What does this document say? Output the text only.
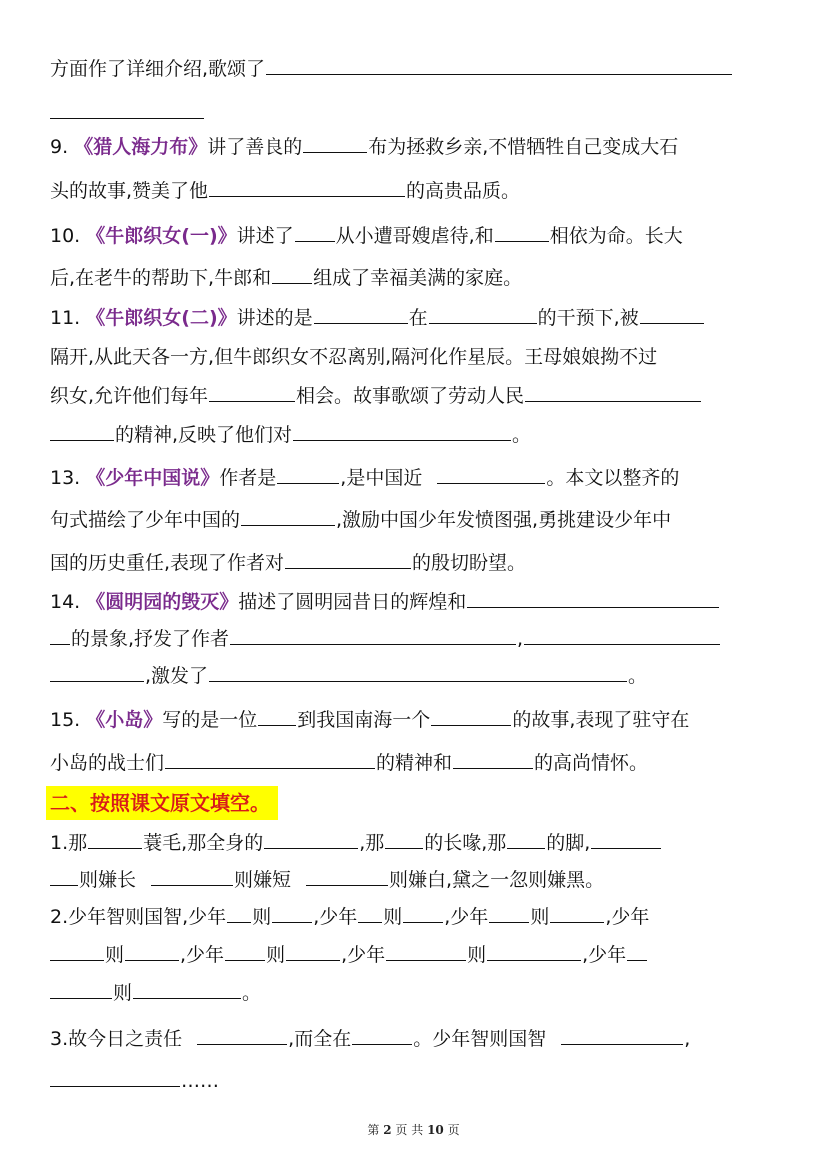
方面作了详细介绍,歌颂了
9. 《猎人海力布》讲了善良的	布为拯救乡亲,不惜牺牲自己变成大石
头的故事,赞美了他	的高贵品质。
10. 《牛郎织女(一)》讲述了 从小遭哥嫂虐待,和	相依为命。长大
后,在老牛的帮助下,牛郎和 组成了幸福美满的家庭。
11. 《牛郎织女(二)》讲述的是	在	的干预下,被
隔开,从此天各一方,但牛郎织女不忍离别,隔河化作星辰。王母娘娘拗不过
织女,允许他们每年	相会。故事歌颂了劳动人民
的精神,反映了他们对	。
13. 《少年中国说》作者是	,是中国近	。本文以整齐的
句式描绘了少年中国的	,激励中国少年发愤图强,勇挑建设少年中
国的历史重任,表现了作者对	的殷切盼望。
14. 《圆明园的毁灭》描述了圆明园昔日的辉煌和
的景象,抒发了作者	,
,激发了	。
15. 《小岛》写的是一位 到我国南海一个	的故事,表现了驻守在
小岛的战士们	的精神和	的高尚情怀。
二、按照课文原文填空。
1.那	蓑毛,那全身的	,那 的长喙,那 的脚,
则嫌长	则嫌短	则嫌白,黛之一忽则嫌黑。
2.少年智则国智,少年 则 ,少年 则 ,少年 则	,少年
则	,少年 则	,少年	则	,少年
则	。
3.故今日之责任	,而全在	。少年智则国智	,
……
第 2 页 共 10 页
